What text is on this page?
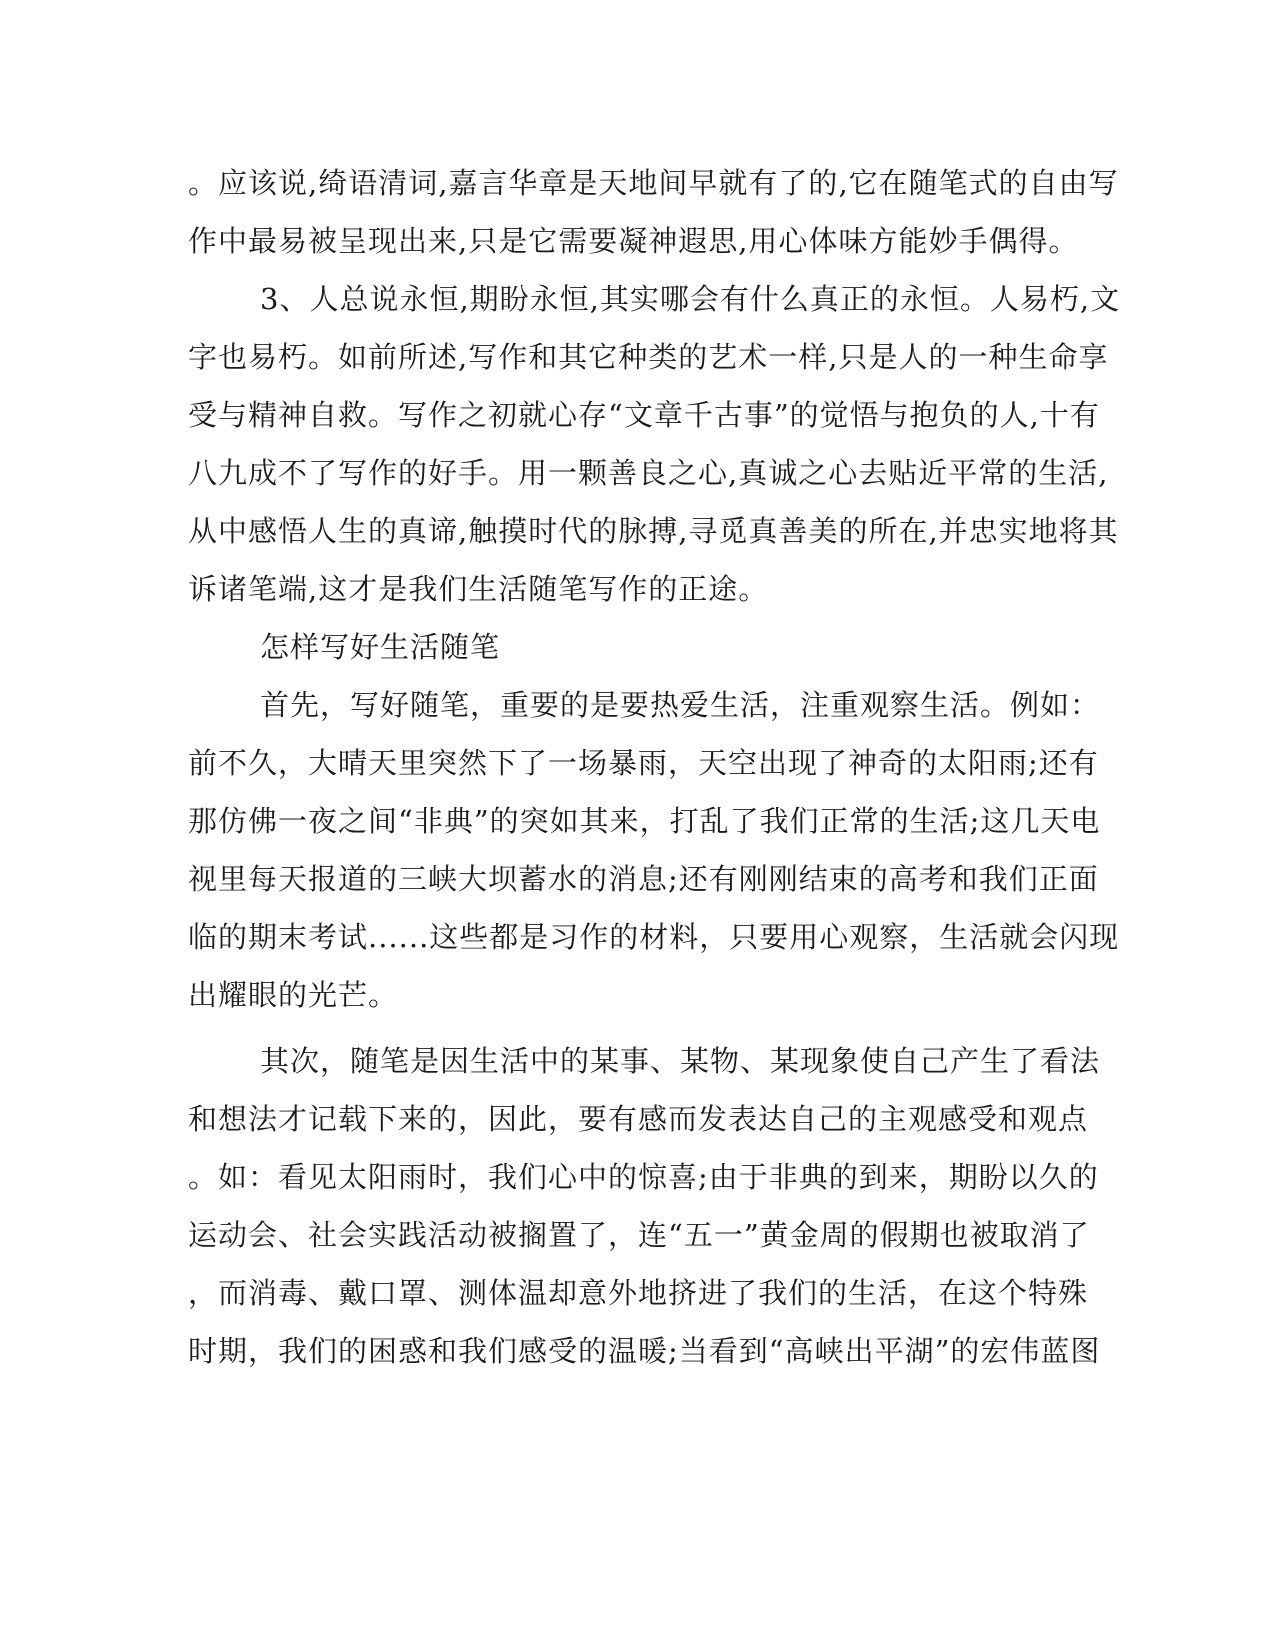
。应该说,绮语清词,嘉言华章是天地间早就有了的,它在随笔式的自由写
作中最易被呈现出来,只是它需要凝神遐思,用心体味方能妙手偶得。
3、人总说永恒,期盼永恒,其实哪会有什么真正的永恒。人易朽,文
字也易朽。如前所述,写作和其它种类的艺术一样,只是人的一种生命享
受与精神自救。写作之初就心存“文章千古事”的觉悟与抱负的人,十有
八九成不了写作的好手。用一颗善良之心,真诚之心去贴近平常的生活,
从中感悟人生的真谛,触摸时代的脉搏,寻觅真善美的所在,并忠实地将其
诉诸笔端,这才是我们生活随笔写作的正途。
怎样写好生活随笔
首先，写好随笔，重要的是要热爱生活，注重观察生活。例如：
前不久，大晴天里突然下了一场暴雨，天空出现了神奇的太阳雨;还有
那仿佛一夜之间“非典”的突如其来，打乱了我们正常的生活;这几天电
视里每天报道的三峡大坝蓄水的消息;还有刚刚结束的高考和我们正面
临的期末考试......这些都是习作的材料，只要用心观察，生活就会闪现
出耀眼的光芒。
其次，随笔是因生活中的某事、某物、某现象使自己产生了看法
和想法才记载下来的，因此，要有感而发表达自己的主观感受和观点
。如：看见太阳雨时，我们心中的惊喜;由于非典的到来，期盼以久的
运动会、社会实践活动被搁置了，连“五一”黄金周的假期也被取消了
，而消毒、戴口罩、测体温却意外地挤进了我们的生活，在这个特殊
时期，我们的困惑和我们感受的温暖;当看到“高峡出平湖”的宏伟蓝图
